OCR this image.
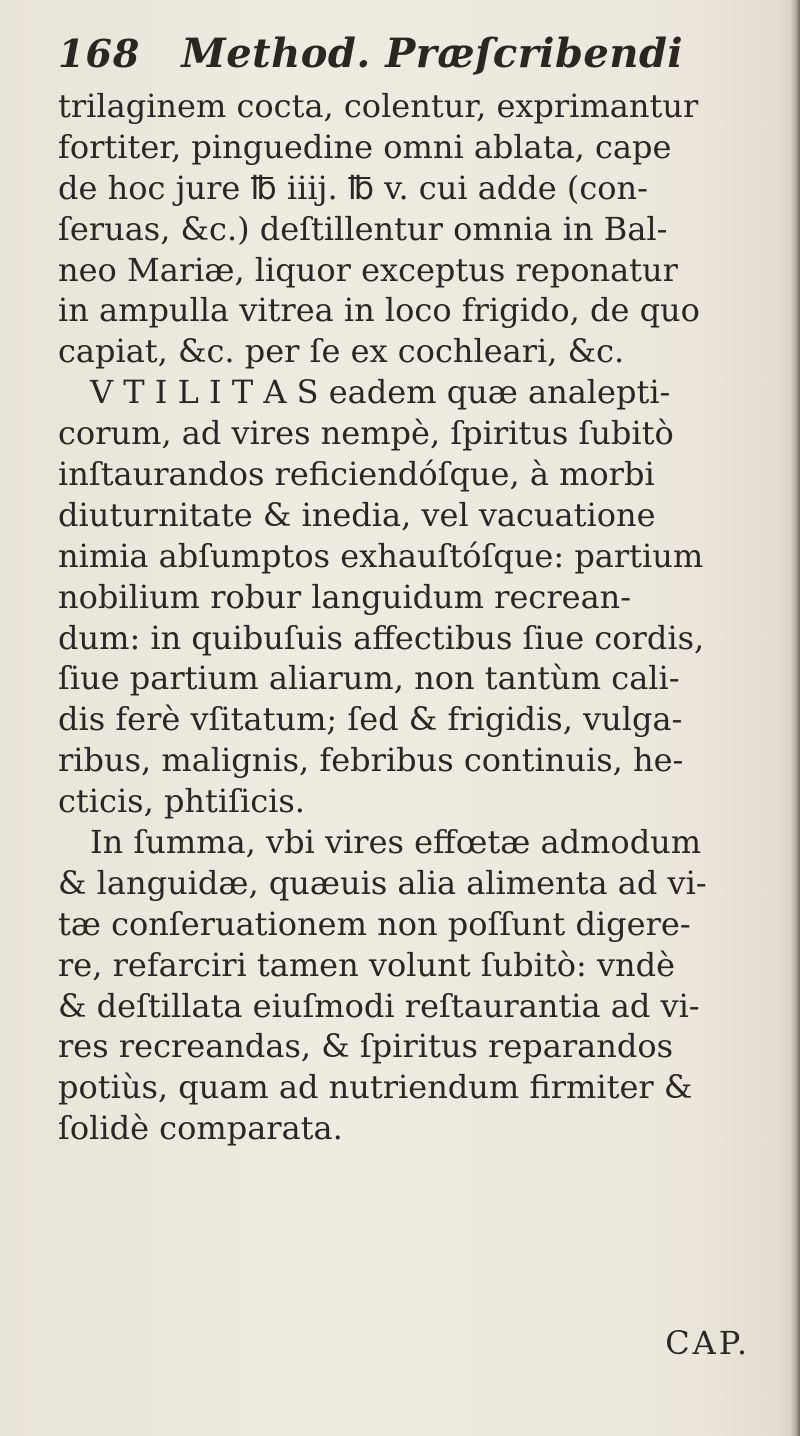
168 Method. Præſcribendi
trilaginem cocta, colentur, exprimantur
fortiter, pinguedine omni ablata, cape
de hoc jure ℔ iiij. ℔ v. cui adde (con-
ſeruas, &c.) deſtillentur omnia in Bal-
neo Mariæ, liquor exceptus reponatur
in ampulla vitrea in loco frigido, de quo
capiat, &c. per ſe ex cochleari, &c.
V T I L I T A S eadem quæ analepti-
corum, ad vires nempè, ſpiritus ſubitò
inſtaurandos reficiendóſque, à morbi
diuturnitate & inedia, vel vacuatione
nimia abſumptos exhauſtóſque: partium
nobilium robur languidum recrean-
dum: in quibuſuis affectibus ſiue cordis,
ſiue partium aliarum, non tantùm cali-
dis ferè vſitatum; ſed & frigidis, vulga-
ribus, malignis, febribus continuis, he-
cticis, phtiſicis.
In ſumma, vbi vires effœtæ admodum
& languidæ, quæuis alia alimenta ad vi-
tæ conſeruationem non poſſunt digere-
re, refarciri tamen volunt ſubitò: vndè
& deſtillata eiuſmodi reſtaurantia ad vi-
res recreandas, & ſpiritus reparandos
potiùs, quam ad nutriendum firmiter &
ſolidè comparata.
CAP.
